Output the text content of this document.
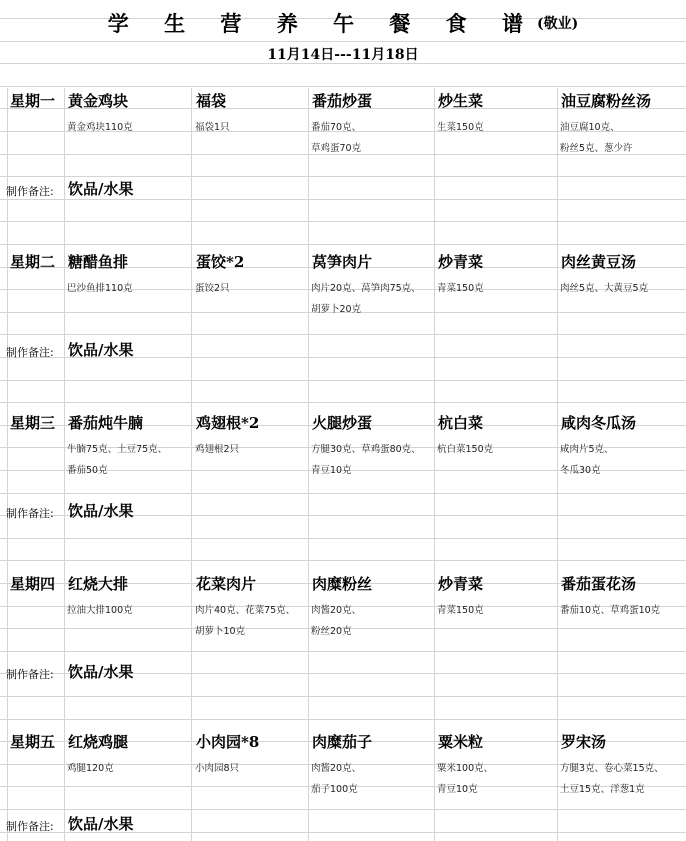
星期一 黄金鸡块
黄金鸡块110克
福袋
福袋1只
番茄炒蛋
番茄70克、
草鸡蛋70克
炒生菜
生菜150克
油豆腐粉丝汤
油豆腐10克、
粉丝5克、葱少许
制作备注: 饮品/水果
星期二 糖醋鱼排
巴沙鱼排110克
蛋饺*2
蛋饺2只
莴笋肉片
肉片20克、莴笋肉75克、
胡萝卜20克
炒青菜
青菜150克
肉丝黄豆汤
肉丝5克、大黄豆5克
制作备注: 饮品/水果
星期三 番茄炖牛腩
牛腩75克、土豆75克、
番茄50克
鸡翅根*2
鸡翅根2只
火腿炒蛋
方腿30克、草鸡蛋80克、
青豆10克
杭白菜
杭白菜150克
咸肉冬瓜汤
咸肉片5克、
冬瓜30克
制作备注: 饮品/水果
星期四 红烧大排
拉油大排100克
花菜肉片
肉片40克、花菜75克、
胡萝卜10克
肉糜粉丝
肉酱20克、
粉丝20克
炒青菜
青菜150克
番茄蛋花汤
番茄10克、草鸡蛋10克
制作备注: 饮品/水果
星期五 红烧鸡腿
鸡腿120克
小肉园*8
小肉园8只
肉糜茄子
肉酱20克、
茄子100克
粟米粒
粟米100克、
青豆10克
罗宋汤
方腿3克、卷心菜15克、
土豆15克、洋葱1克
制作备注: 饮品/水果
学 生 营 养 午 餐 食 谱 (敬业)
11月14日---11月18日
